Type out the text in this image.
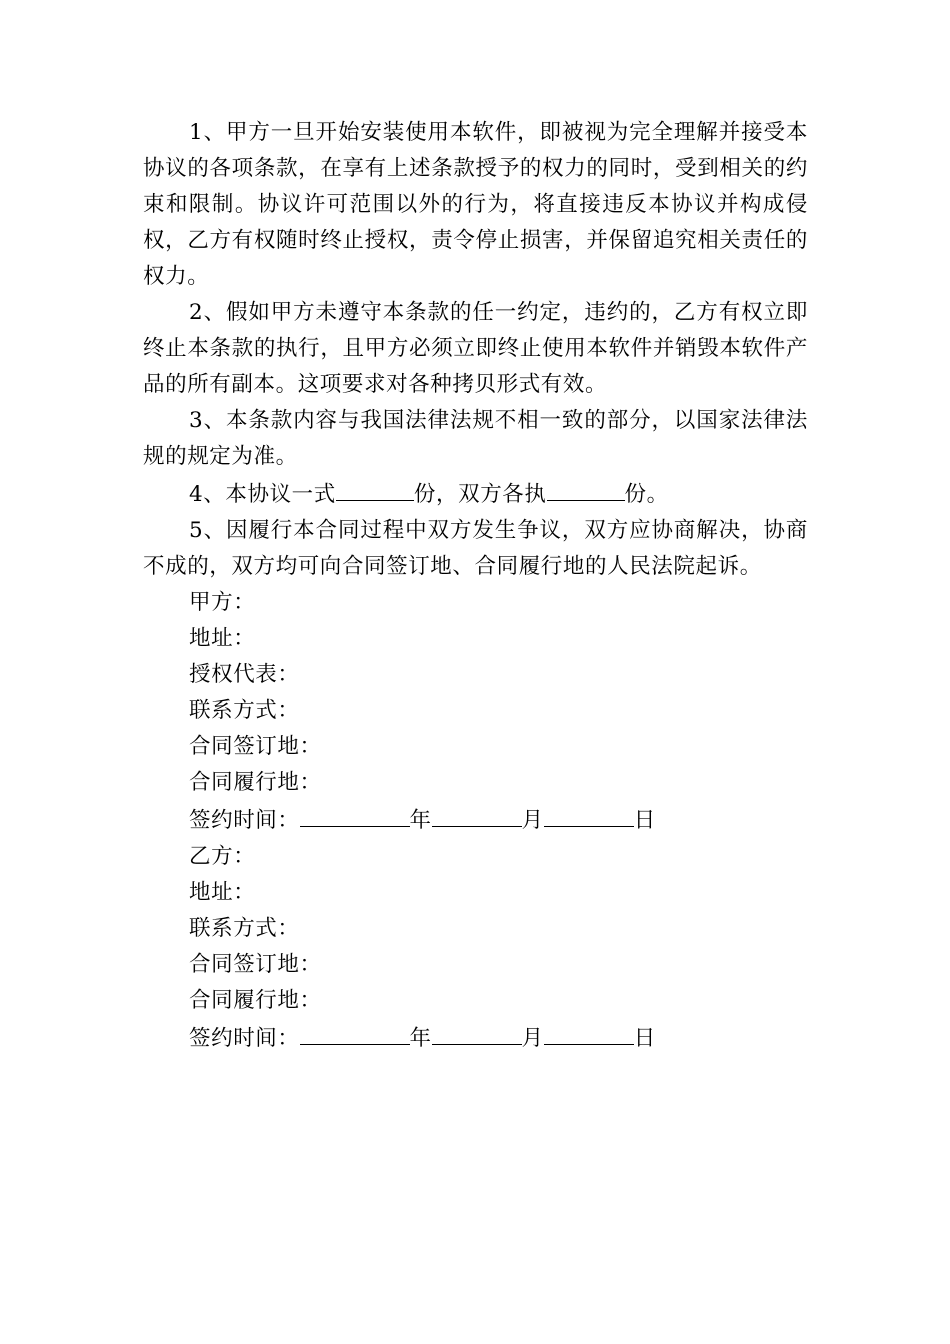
1、甲方一旦开始安装使用本软件，即被视为完全理解并接受本协议的各项条款，在享有上述条款授予的权力的同时，受到相关的约束和限制。协议许可范围以外的行为，将直接违反本协议并构成侵权，乙方有权随时终止授权，责令停止损害，并保留追究相关责任的权力。

2、假如甲方未遵守本条款的任一约定，违约的，乙方有权立即终止本条款的执行，且甲方必须立即终止使用本软件并销毁本软件产品的所有副本。这项要求对各种拷贝形式有效。

3、本条款内容与我国法律法规不相一致的部分，以国家法律法规的规定为准。

4、本协议一式	份，双方各执	份。

5、因履行本合同过程中双方发生争议，双方应协商解决，协商不成的，双方均可向合同签订地、合同履行地的人民法院起诉。

甲方：

地址：

授权代表：

联系方式：

合同签订地：

合同履行地：

签约时间：	年	月	日

乙方：

地址：

联系方式：

合同签订地：

合同履行地：

签约时间：	年	月	日
